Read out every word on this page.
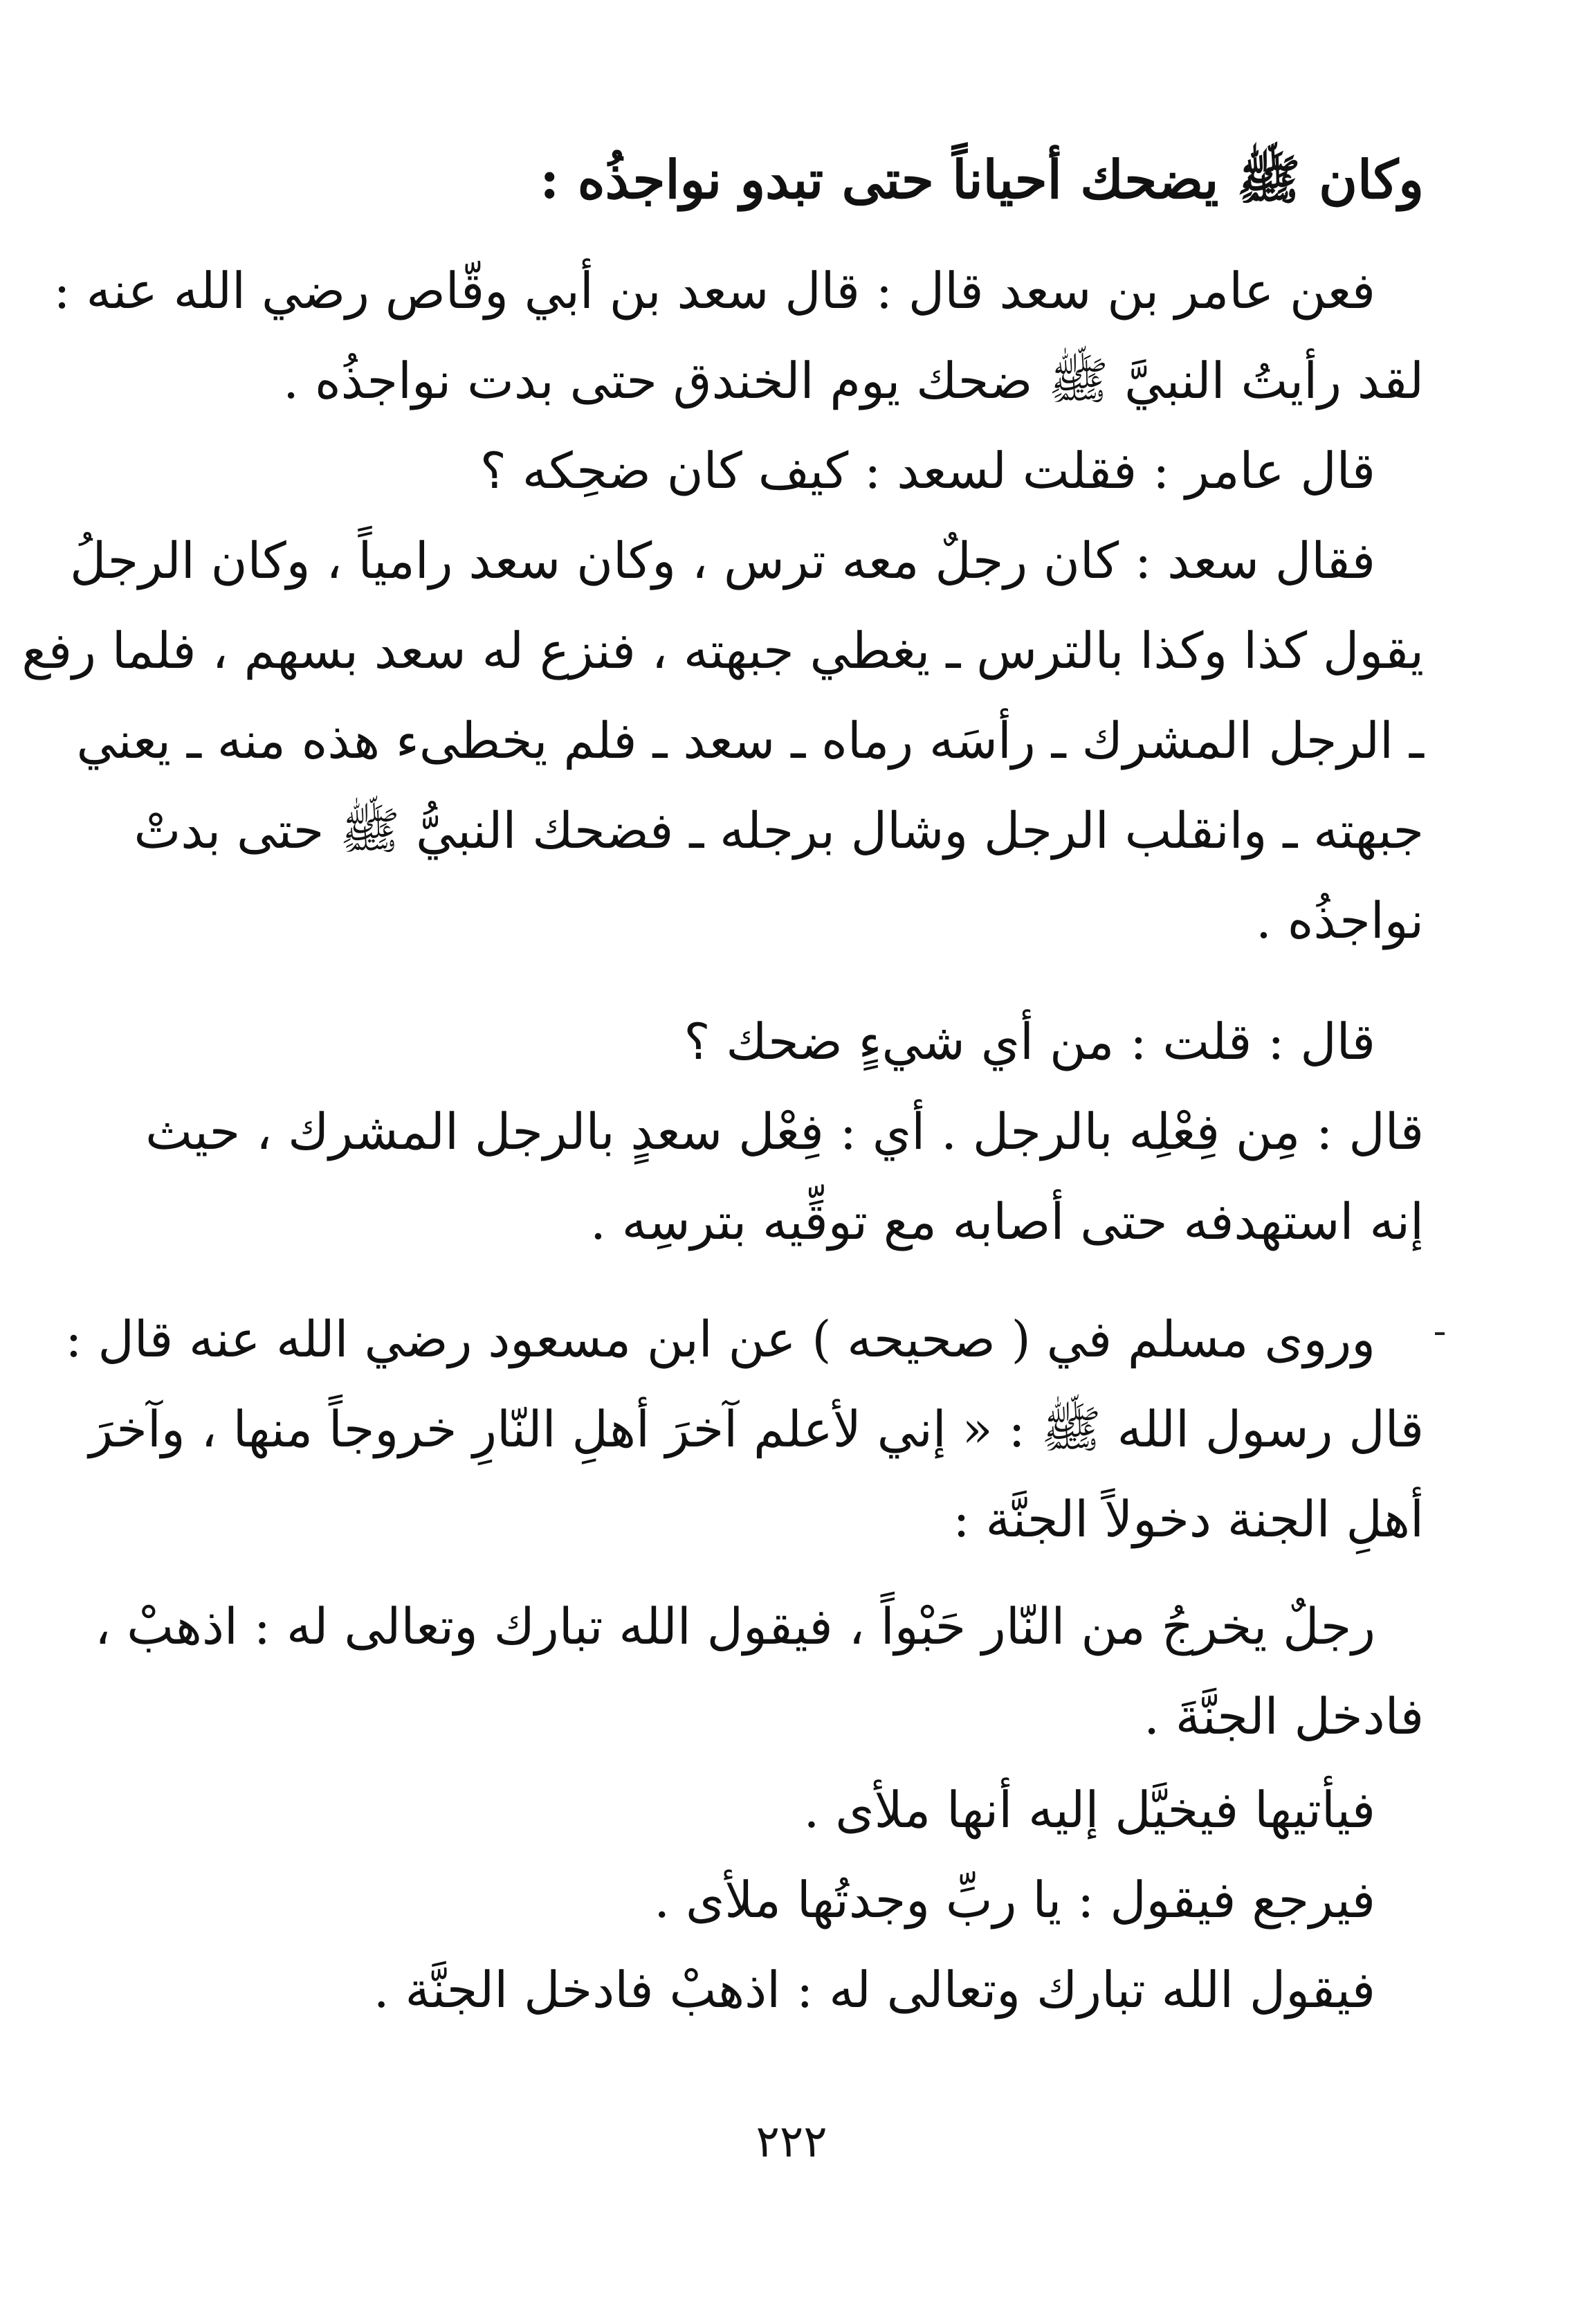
وكان ﷺ يضحك أحياناً حتى تبدو نواجذُه :
فعن عامر بن سعد قال : قال سعد بن أبي وقّاص رضي الله عنه :
لقد رأيتُ النبيَّ ﷺ ضحك يوم الخندق حتى بدت نواجذُه .
قال عامر : فقلت لسعد : كيف كان ضحِكه ؟
فقال سعد : كان رجلٌ معه ترس ، وكان سعد رامياً ، وكان الرجلُ
يقول كذا وكذا بالترس ـ يغطي جبهته ، فنزع له سعد بسهم ، فلما رفع
ـ الرجل المشرك ـ رأسَه رماه ـ سعد ـ فلم يخطىء هذه منه ـ يعني
جبهته ـ وانقلب الرجل وشال برجله ـ فضحك النبيُّ ﷺ حتى بدتْ
نواجذُه .
قال : قلت : من أي شيءٍ ضحك ؟
قال : مِن فِعْلِه بالرجل . أي : فِعْل سعدٍ بالرجل المشرك ، حيث
إنه استهدفه حتى أصابه مع توقِّيه بترسِه .
وروى مسلم في ( صحيحه ) عن ابن مسعود رضي الله عنه قال :
قال رسول الله ﷺ : « إني لأعلم آخرَ أهلِ النّارِ خروجاً منها ، وآخرَ
أهلِ الجنة دخولاً الجنَّة :
رجلٌ يخرجُ من النّار حَبْواً ، فيقول الله تبارك وتعالى له : اذهبْ ،
فادخل الجنَّةَ .
فيأتيها فيخيَّل إليه أنها ملأى .
فيرجع فيقول : يا ربِّ وجدتُها ملأى .
فيقول الله تبارك وتعالى له : اذهبْ فادخل الجنَّة .
٢٢٢
